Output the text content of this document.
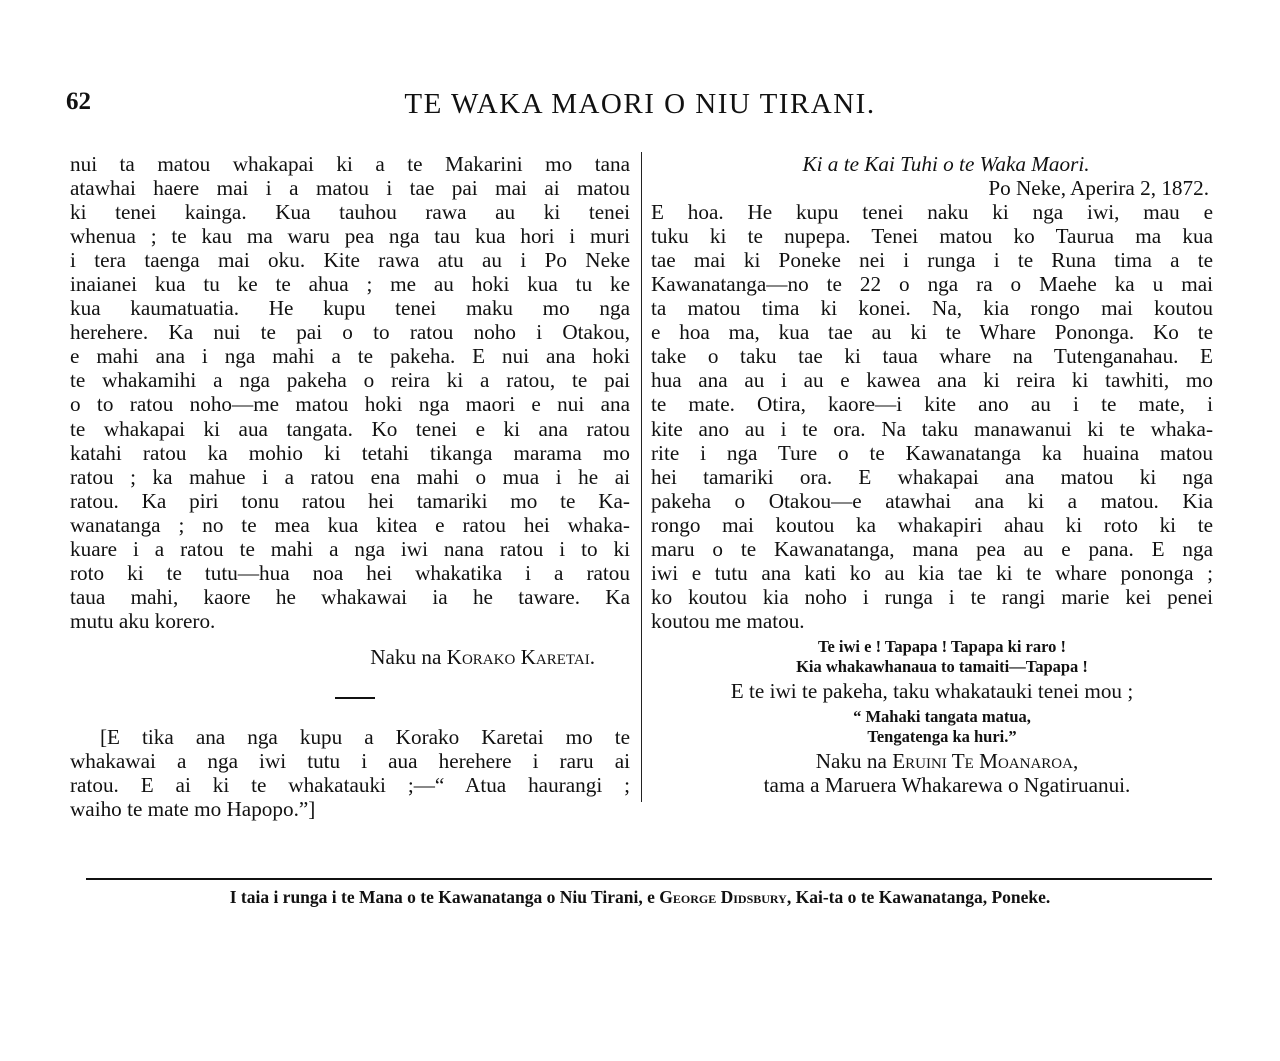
62	TE WAKA MAORI O NIU TIRANI.
nui ta matou whakapai ki a te Makarini mo tana
atawhai haere mai i a matou i tae pai mai ai matou
ki tenei kainga. Kua tauhou rawa au ki tenei
whenua ; te kau ma waru pea nga tau kua hori i muri
i tera taenga mai oku. Kite rawa atu au i Po Neke
inaianei kua tu ke te ahua ; me au hoki kua tu ke
kua kaumatuatia. He kupu tenei maku mo nga
herehere. Ka nui te pai o to ratou noho i Otakou,
e mahi ana i nga mahi a te pakeha. E nui ana hoki
te whakamihi a nga pakeha o reira ki a ratou, te pai
o to ratou noho—me matou hoki nga maori e nui ana
te whakapai ki aua tangata. Ko tenei e ki ana ratou
katahi ratou ka mohio ki tetahi tikanga marama mo
ratou ; ka mahue i a ratou ena mahi o mua i he ai
ratou. Ka piri tonu ratou hei tamariki mo te Ka-
wanatanga ; no te mea kua kitea e ratou hei whaka-
kuare i a ratou te mahi a nga iwi nana ratou i to ki
roto ki te tutu—hua noa hei whakatika i a ratou
taua mahi, kaore he whakawai ia he taware. Ka
mutu aku korero.
Naku na Korako Karetai.
[E tika ana nga kupu a Korako Karetai mo te
whakawai a nga iwi tutu i aua herehere i raru ai
ratou. E ai ki te whakatauki ;—“ Atua haurangi ;
waiho te mate mo Hapopo.”]
Ki a te Kai Tuhi o te Waka Maori.
Po Neke, Aperira 2, 1872.
E hoa. He kupu tenei naku ki nga iwi, mau e
tuku ki te nupepa. Tenei matou ko Taurua ma kua
tae mai ki Poneke nei i runga i te Runa tima a te
Kawanatanga—no te 22 o nga ra o Maehe ka u mai
ta matou tima ki konei. Na, kia rongo mai koutou
e hoa ma, kua tae au ki te Whare Pononga. Ko te
take o taku tae ki taua whare na Tutenganahau. E
hua ana au i au e kawea ana ki reira ki tawhiti, mo
te mate. Otira, kaore—i kite ano au i te mate, i
kite ano au i te ora. Na taku manawanui ki te whaka-
rite i nga Ture o te Kawanatanga ka huaina matou
hei tamariki ora. E whakapai ana matou ki nga
pakeha o Otakou—e atawhai ana ki a matou. Kia
rongo mai koutou ka whakapiri ahau ki roto ki te
maru o te Kawanatanga, mana pea au e pana. E nga
iwi e tutu ana kati ko au kia tae ki te whare pononga ;
ko koutou kia noho i runga i te rangi marie kei penei
koutou me matou.
Te iwi e ! Tapapa ! Tapapa ki raro !
Kia whakawhanaua to tamaiti—Tapapa !
E te iwi te pakeha, taku whakatauki tenei mou ;
“ Mahaki tangata matua,
Tengatenga ka huri.”
Naku na Eruini Te Moanaroa,
tama a Maruera Whakarewa o Ngatiruanui.
I taia i runga i te Mana o te Kawanatanga o Niu Tirani, e George Didsbury, Kai-ta o te Kawanatanga, Poneke.
